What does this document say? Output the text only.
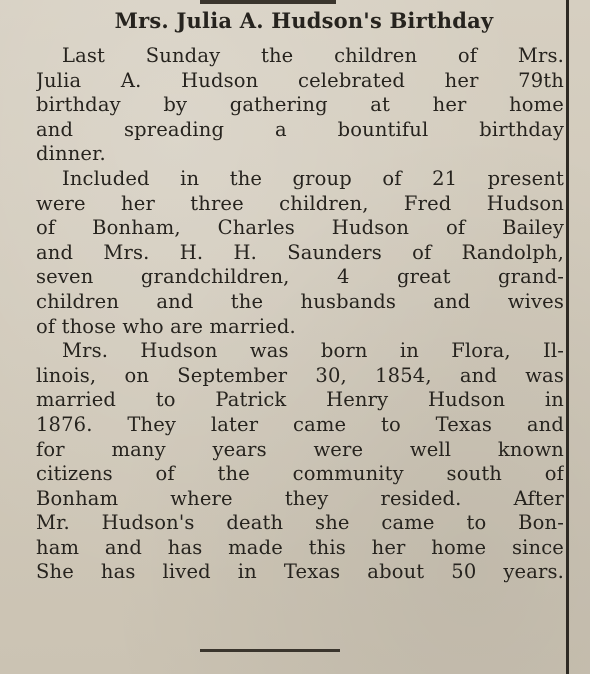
Mrs. Julia A. Hudson's Birthday

Last Sunday the children of Mrs.
Julia A. Hudson celebrated her 79th
birthday by gathering at her home
and spreading a bountiful birthday
dinner.

Included in the group of 21 present
were her three children, Fred Hudson
of Bonham, Charles Hudson of Bailey
and Mrs. H. H. Saunders of Randolph,
seven grandchildren, 4 great grand-
children and the husbands and wives
of those who are married.

Mrs. Hudson was born in Flora, Il-
linois, on September 30, 1854, and was
married to Patrick Henry Hudson in
1876. They later came to Texas and
for many years were well known
citizens of the community south of
Bonham where they resided. After
Mr. Hudson's death she came to Bon-
ham and has made this her home since
She has lived in Texas about 50 years.
